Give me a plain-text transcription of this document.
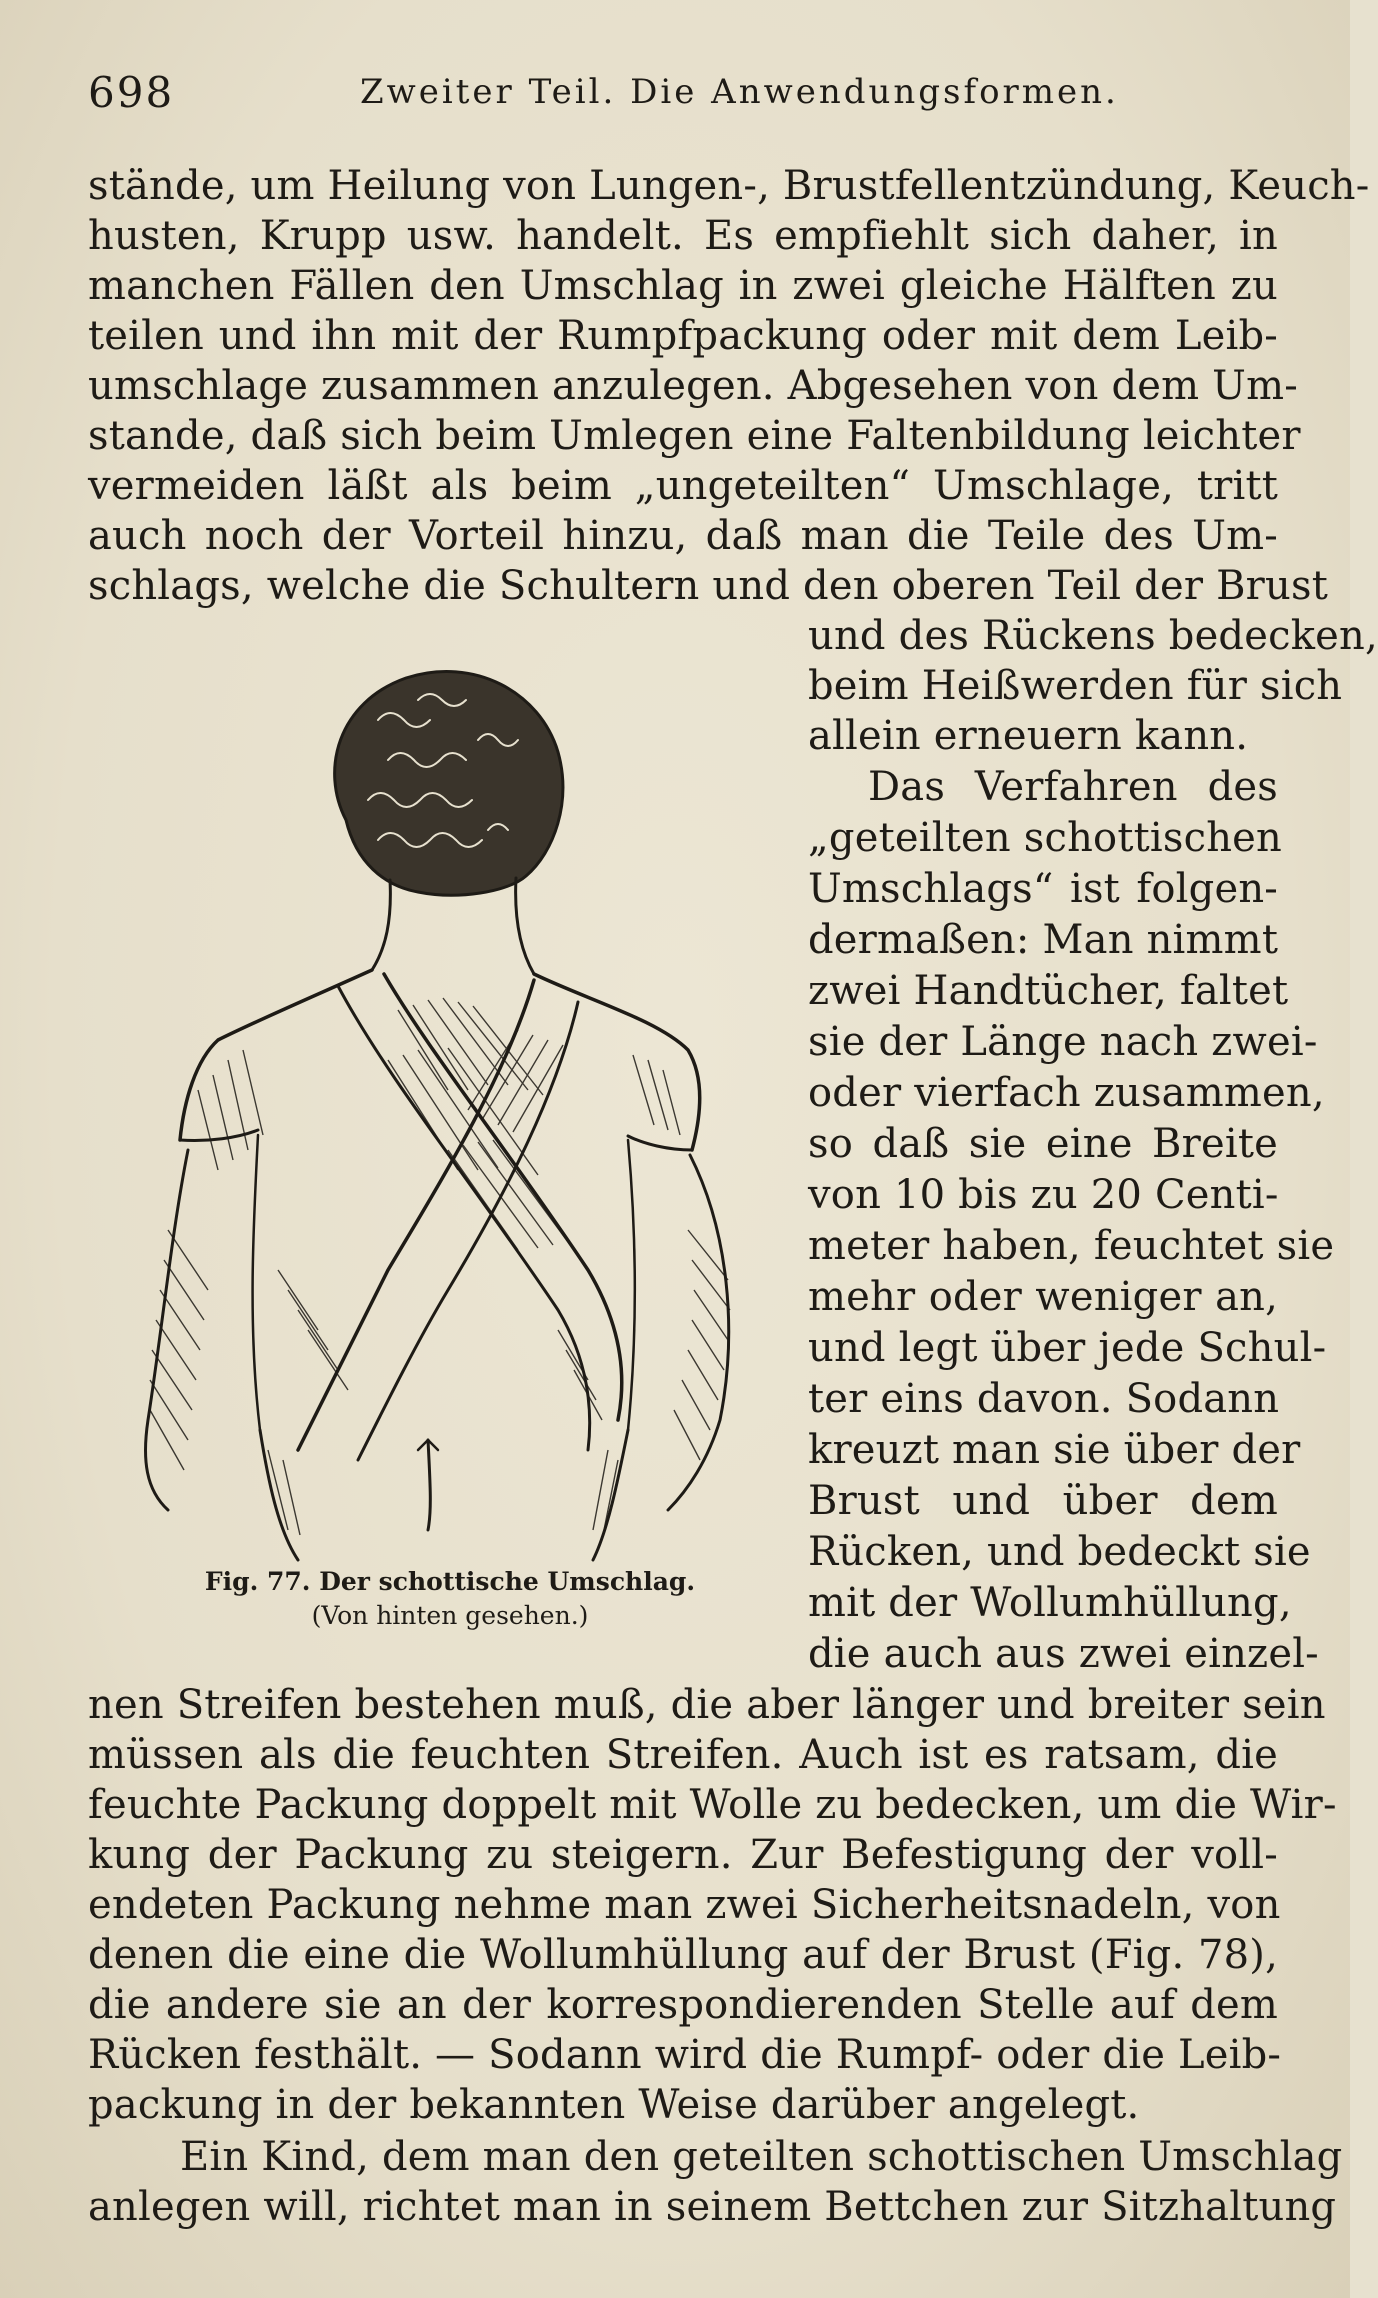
698	Zweiter Teil. Die Anwendungsformen.
stände, um Heilung von Lungen-, Brustfellentzündung, Keuch-
husten, Krupp usw. handelt. Es empfiehlt sich daher, in
manchen Fällen den Umschlag in zwei gleiche Hälften zu
teilen und ihn mit der Rumpfpackung oder mit dem Leib-
umschlage zusammen anzulegen. Abgesehen von dem Um-
stande, daß sich beim Umlegen eine Faltenbildung leichter
vermeiden läßt als beim „ungeteilten“ Umschlage, tritt
auch noch der Vorteil hinzu, daß man die Teile des Um-
schlags, welche die Schultern und den oberen Teil der Brust
und des Rückens bedecken,
beim Heißwerden für sich
allein erneuern kann.
Das Verfahren des
„geteilten schottischen
Umschlags“ ist folgen-
dermaßen: Man nimmt
zwei Handtücher, faltet
sie der Länge nach zwei-
oder vierfach zusammen,
so daß sie eine Breite
von 10 bis zu 20 Centi-
meter haben, feuchtet sie
mehr oder weniger an,
und legt über jede Schul-
ter eins davon. Sodann
kreuzt man sie über der
Brust und über dem
Rücken, und bedeckt sie
mit der Wollumhüllung,
die auch aus zwei einzel-
Fig. 77. Der schottische Umschlag.
(Von hinten gesehen.)
nen Streifen bestehen muß, die aber länger und breiter sein
müssen als die feuchten Streifen. Auch ist es ratsam, die
feuchte Packung doppelt mit Wolle zu bedecken, um die Wir-
kung der Packung zu steigern. Zur Befestigung der voll-
endeten Packung nehme man zwei Sicherheitsnadeln, von
denen die eine die Wollumhüllung auf der Brust (Fig. 78),
die andere sie an der korrespondierenden Stelle auf dem
Rücken festhält. — Sodann wird die Rumpf- oder die Leib-
packung in der bekannten Weise darüber angelegt.
Ein Kind, dem man den geteilten schottischen Umschlag
anlegen will, richtet man in seinem Bettchen zur Sitzhaltung
